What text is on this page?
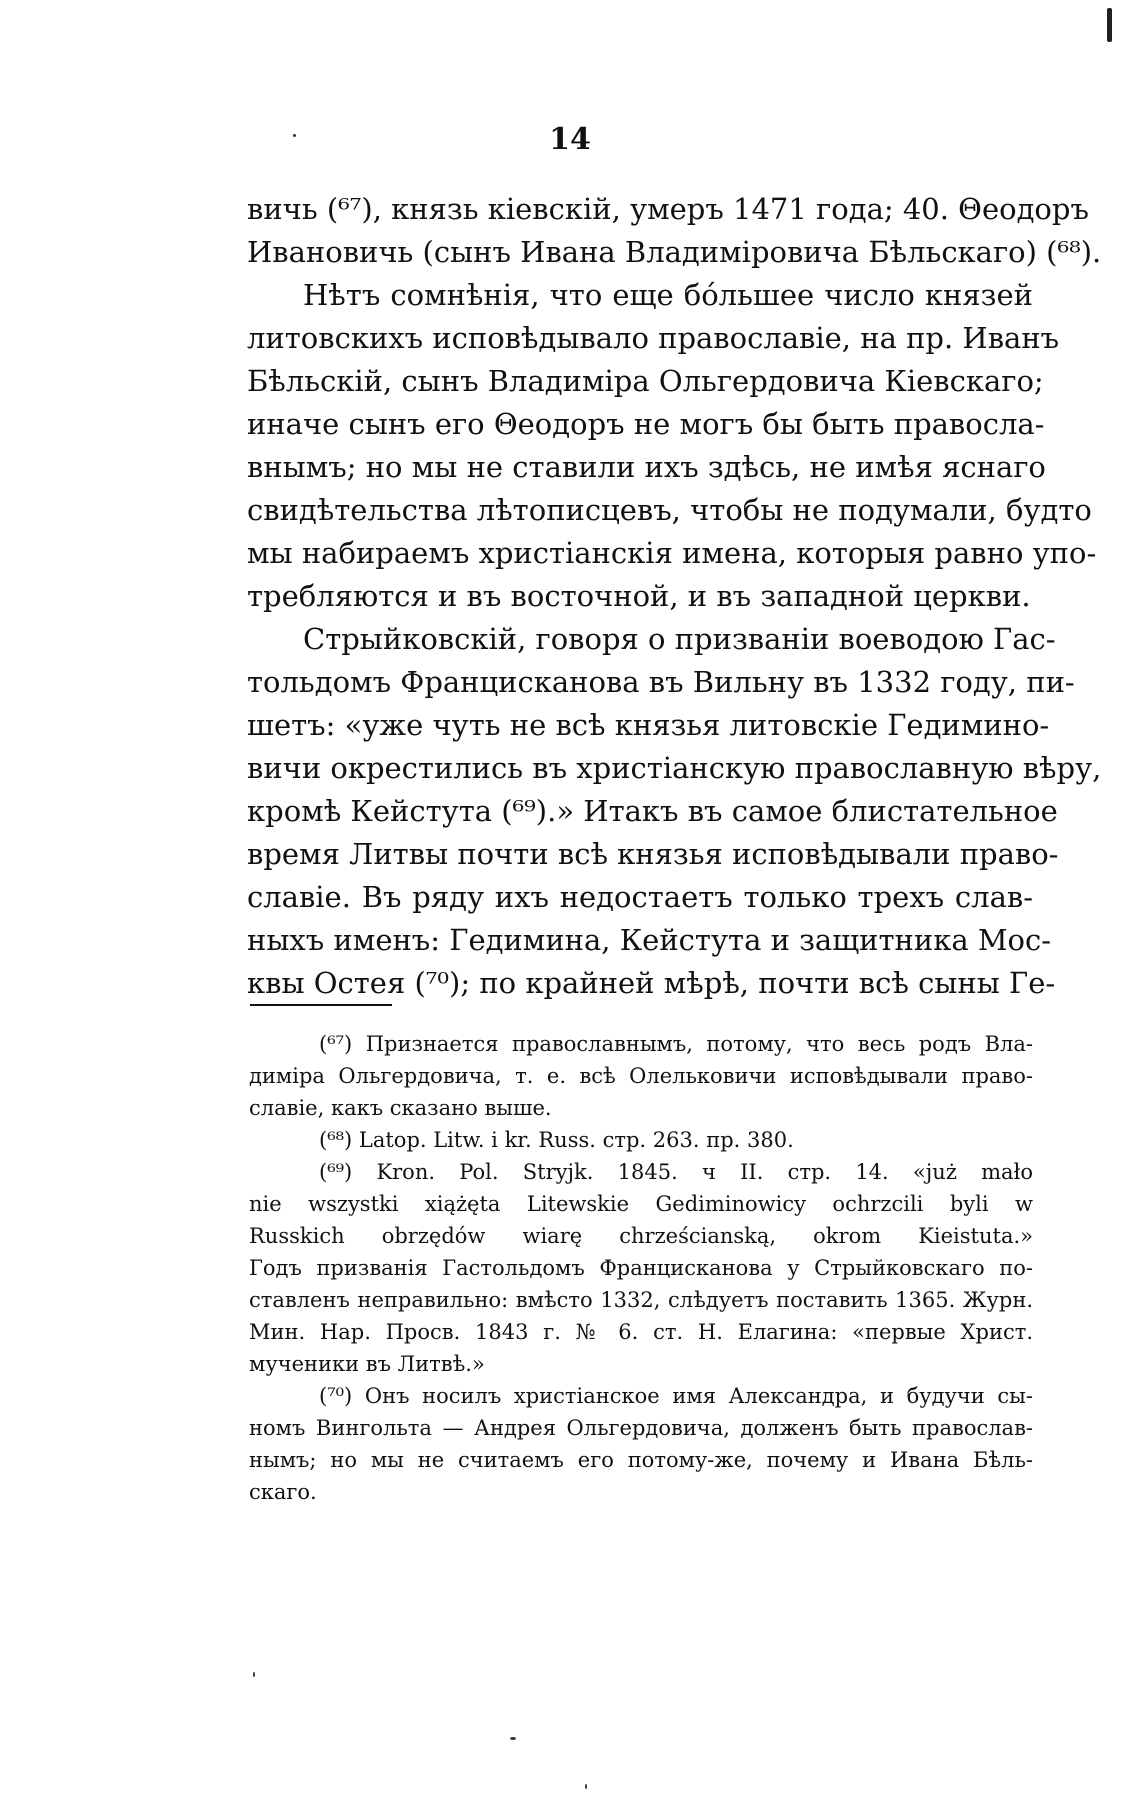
14
вичь (⁶⁷), князь кіевскій, умеръ 1471 года; 40. Θеодоръ
Ивановичь (сынъ Ивана Владиміровича Бѣльскаго) (⁶⁸).
Нѣтъ сомнѣнія, что еще бо́льшее число князей
литовскихъ исповѣдывало православіе, на пр. Иванъ
Бѣльскій, сынъ Владиміра Ольгердовича Кіевскаго;
иначе сынъ его Θеодоръ не могъ бы быть правосла-
внымъ; но мы не ставили ихъ здѣсь, не имѣя яснаго
свидѣтельства лѣтописцевъ, чтобы не подумали, будто
мы набираемъ христіанскія имена, которыя равно упо-
требляются и въ восточной, и въ западной церкви.
Стрыйковскій, говоря о призваніи воеводою Гас-
тольдомъ Францисканова въ Вильну въ 1332 году, пи-
шетъ: «уже чуть не всѣ князья литовскіе Гедимино-
вичи окрестились въ христіанскую православную вѣру,
кромѣ Кейстута (⁶⁹).» Итакъ въ самое блистательное
время Литвы почти всѣ князья исповѣдывали право-
славіе. Въ ряду ихъ недостаетъ только трехъ слав-
ныхъ именъ: Гедимина, Кейстута и защитника Мос-
квы Остея (⁷⁰); по крайней мѣрѣ, почти всѣ сыны Ге-
(⁶⁷) Признается православнымъ, потому, что весь родъ Вла-
диміра Ольгердовича, т. е. всѣ Олельковичи исповѣдывали право-
славіе, какъ сказано выше.
(⁶⁸) Latop. Litw. i kr. Russ. стр. 263. пр. 380.
(⁶⁹) Kron. Pol. Stryjk. 1845. ч II. стр. 14. «już mało
nie wszystki xiążęta Litewskie Gediminowicy ochrzcili byli w
Russkich obrzędów wiarę chrześcianską, okrom Kieistuta.»
Годъ призванія Гастольдомъ Францисканова у Стрыйковскаго по-
ставленъ неправильно: вмѣсто 1332, слѣдуетъ поставить 1365. Журн.
Мин. Нар. Просв. 1843 г. № 6. ст. Н. Елагина: «первые Христ.
мученики въ Литвѣ.»
(⁷⁰) Онъ носилъ христіанское имя Александра, и будучи сы-
номъ Вингольта — Андрея Ольгердовича, долженъ быть православ-
нымъ; но мы не считаемъ его потому-же, почему и Ивана Бѣль-
скаго.
